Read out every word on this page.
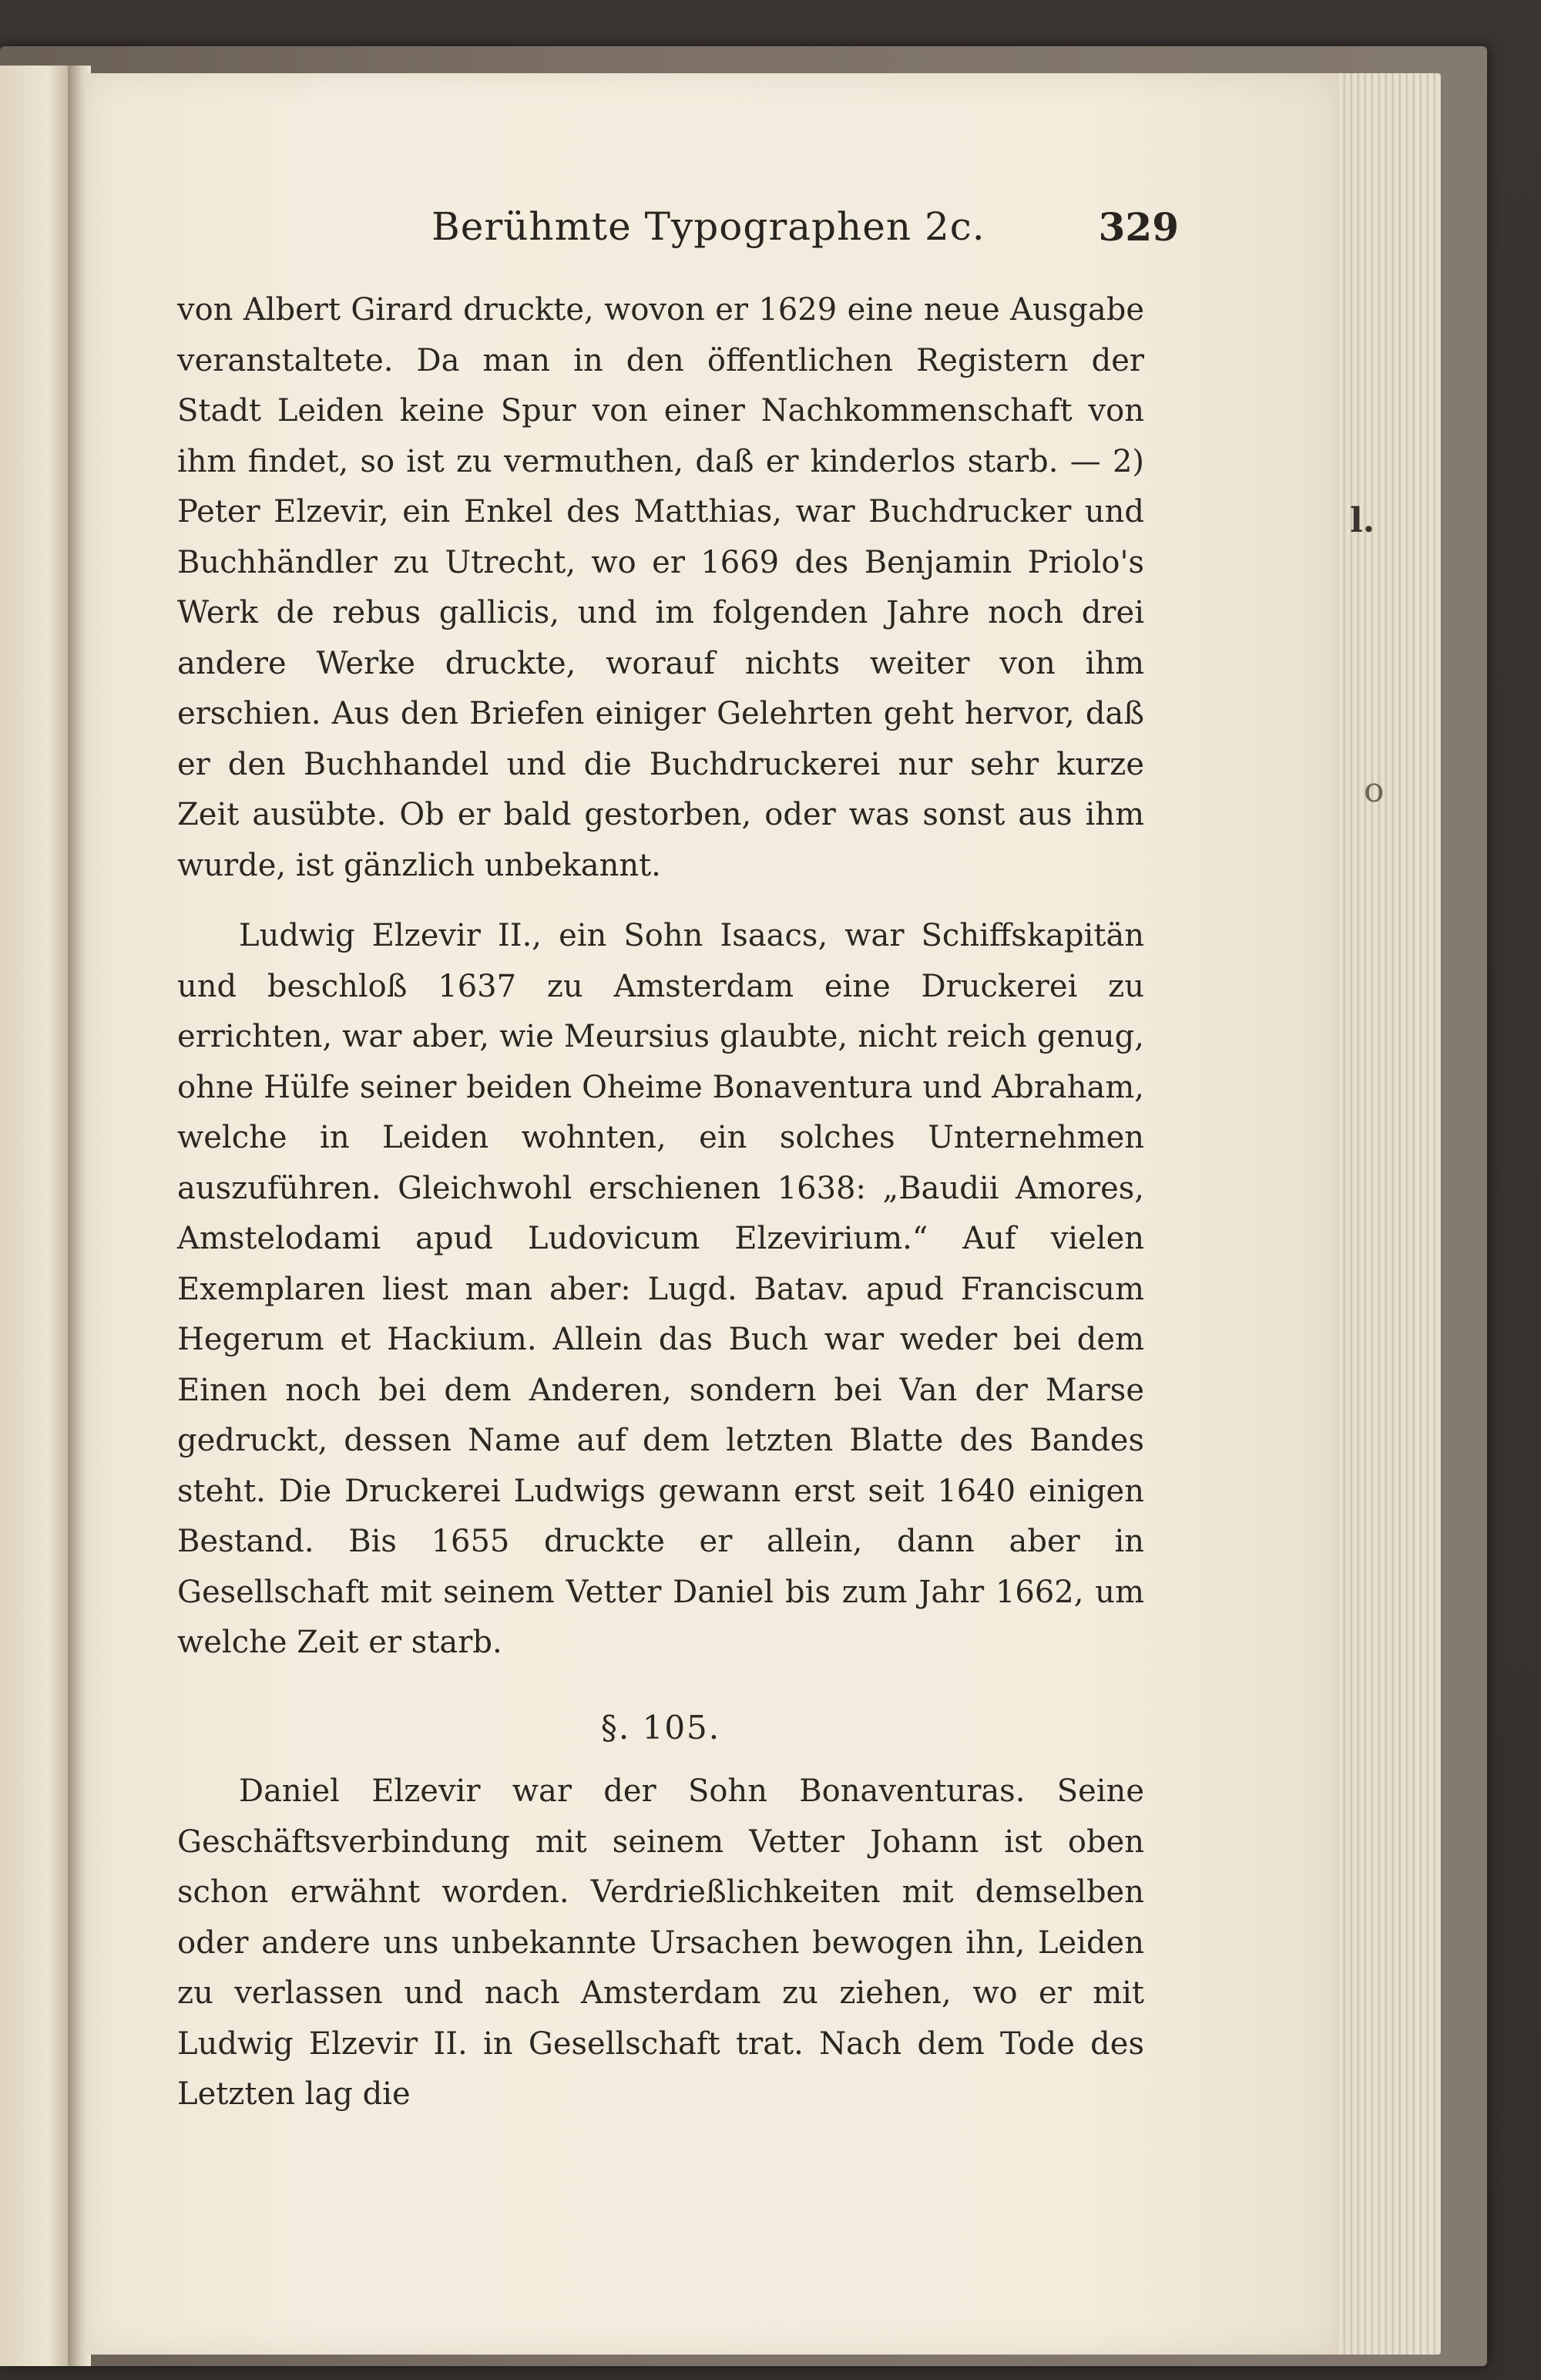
Berühmte Typographen 2c.	329

von Albert Girard druckte, wovon er 1629 eine neue Ausgabe veranstaltete. Da man in den öffentlichen Registern der Stadt Leiden keine Spur von einer Nachkommenschaft von ihm findet, so ist zu vermuthen, daß er kinderlos starb. — 2) Peter Elzevir, ein Enkel des Matthias, war Buchdrucker und Buchhändler zu Utrecht, wo er 1669 des Benjamin Priolo's Werk de rebus gallicis, und im folgenden Jahre noch drei andere Werke druckte, worauf nichts weiter von ihm erschien. Aus den Briefen einiger Gelehrten geht hervor, daß er den Buchhandel und die Buchdruckerei nur sehr kurze Zeit ausübte. Ob er bald gestorben, oder was sonst aus ihm wurde, ist gänzlich unbekannt.

Ludwig Elzevir II., ein Sohn Isaacs, war Schiffskapitän und beschloß 1637 zu Amsterdam eine Druckerei zu errichten, war aber, wie Meursius glaubte, nicht reich genug, ohne Hülfe seiner beiden Oheime Bonaventura und Abraham, welche in Leiden wohnten, ein solches Unternehmen auszuführen. Gleichwohl erschienen 1638: „Baudii Amores, Amstelodami apud Ludovicum Elzevirium.“ Auf vielen Exemplaren liest man aber: Lugd. Batav. apud Franciscum Hegerum et Hackium. Allein das Buch war weder bei dem Einen noch bei dem Anderen, sondern bei Van der Marse gedruckt, dessen Name auf dem letzten Blatte des Bandes steht. Die Druckerei Ludwigs gewann erst seit 1640 einigen Bestand. Bis 1655 druckte er allein, dann aber in Gesellschaft mit seinem Vetter Daniel bis zum Jahr 1662, um welche Zeit er starb.

§. 105.

Daniel Elzevir war der Sohn Bonaventuras. Seine Geschäftsverbindung mit seinem Vetter Johann ist oben schon erwähnt worden. Verdrießlichkeiten mit demselben oder andere uns unbekannte Ursachen bewogen ihn, Leiden zu verlassen und nach Amsterdam zu ziehen, wo er mit Ludwig Elzevir II. in Gesellschaft trat. Nach dem Tode des Letzten lag die

l.
o
